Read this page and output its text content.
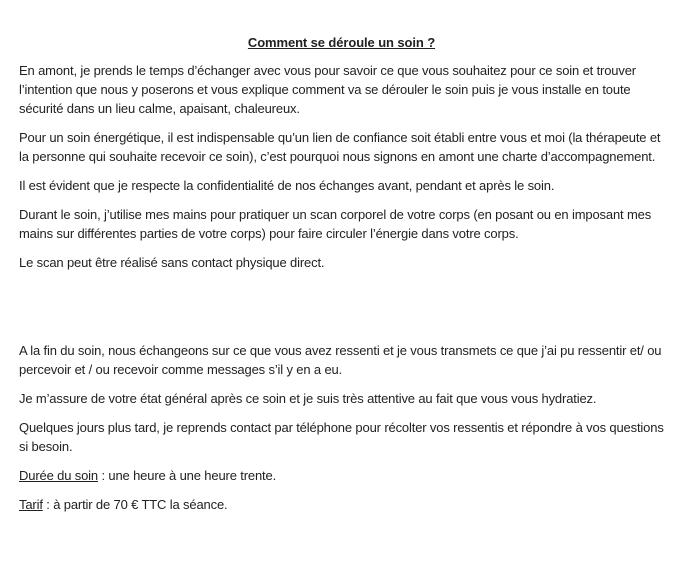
Comment se déroule un soin ?

En amont, je prends le temps d’échanger avec vous pour savoir ce que vous souhaitez pour ce soin et trouver l’intention que nous y poserons et vous explique comment va se dérouler le soin puis je vous installe en toute sécurité dans un lieu calme, apaisant, chaleureux.

Pour un soin énergétique, il est indispensable qu’un lien de confiance soit établi entre vous et moi (la thérapeute et la personne qui souhaite recevoir ce soin), c’est pourquoi nous signons en amont une charte d’accompagnement.

Il est évident que je respecte la confidentialité de nos échanges avant, pendant et après le soin.

Durant le soin, j’utilise mes mains pour pratiquer un scan corporel de votre corps (en posant ou en imposant mes mains sur différentes parties de votre corps) pour faire circuler l’énergie dans votre corps.

Le scan peut être réalisé sans contact physique direct.

A la fin du soin, nous échangeons sur ce que vous avez ressenti et je vous transmets ce que j’ai pu ressentir et/ ou percevoir et / ou recevoir comme messages s’il y en a eu.

Je m’assure de votre état général après ce soin et je suis très attentive au fait que vous vous hydratiez.

Quelques jours plus tard, je reprends contact par téléphone pour récolter vos ressentis et répondre à vos questions si besoin.

Durée du soin : une heure à une heure trente.

Tarif : à partir de 70 € TTC la séance.
